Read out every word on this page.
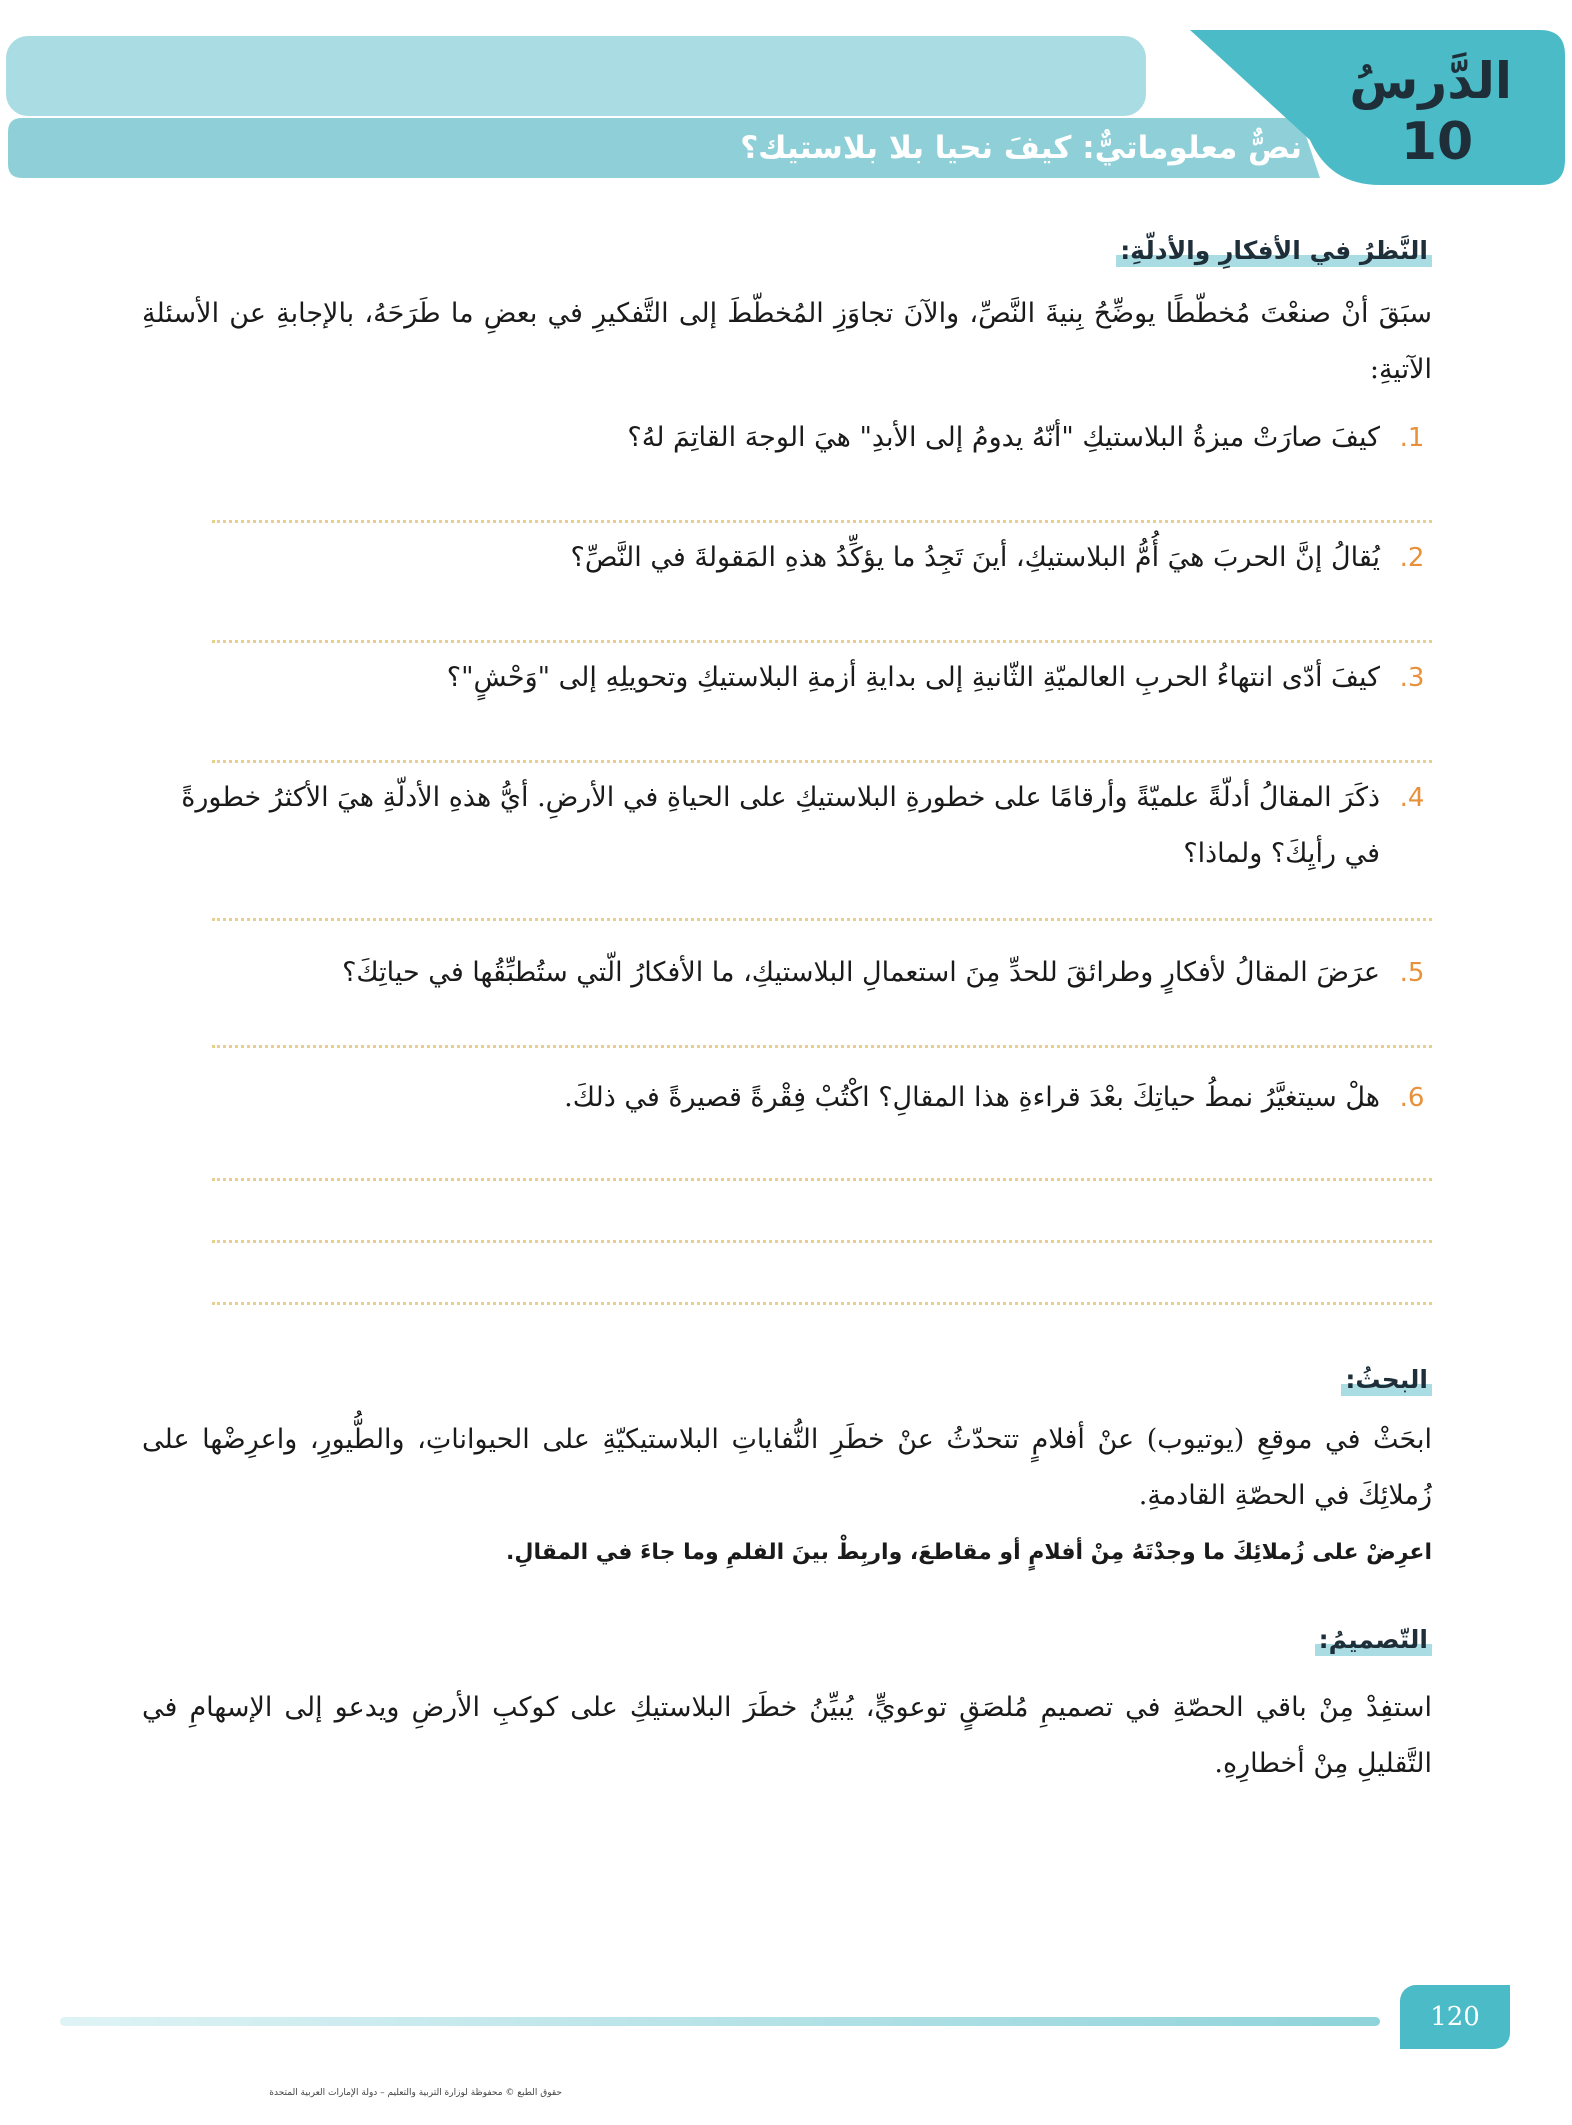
الدَّرسُ
10
نصٌّ معلوماتيٌّ: كيفَ نحيا بلا بلاستيك؟
النَّظرُ في الأفكارِ والأدلّةِ:
سبَقَ أنْ صنعْتَ مُخطّطًا يوضِّحُ بِنيةَ النَّصِّ، والآنَ تجاوَزِ المُخطّطَ إلى التَّفكيرِ في بعضِ ما طَرَحَهُ، بالإجابةِ عن الأسئلةِ الآتيةِ:
1.
كيفَ صارَتْ ميزةُ البلاستيكِ "أنّهُ يدومُ إلى الأبدِ" هيَ الوجهَ القاتِمَ لهُ؟
2.
يُقالُ إنَّ الحربَ هيَ أُمُّ البلاستيكِ، أينَ تَجِدُ ما يؤكِّدُ هذهِ المَقولةَ في النَّصِّ؟
3.
كيفَ أدّى انتهاءُ الحربِ العالميّةِ الثّانيةِ إلى بدايةِ أزمةِ البلاستيكِ وتحويلِهِ إلى "وَحْشٍ"؟
4.
ذكَرَ المقالُ أدلّةً علميّةً وأرقامًا على خطورةِ البلاستيكِ على الحياةِ في الأرضِ. أيُّ هذهِ الأدلّةِ هيَ الأكثرُ خطورةً في رأيِكَ؟ ولماذا؟
5.
عرَضَ المقالُ لأفكارٍ وطرائقَ للحدِّ مِنَ استعمالِ البلاستيكِ، ما الأفكارُ الّتي ستُطبِّقُها في حياتِكَ؟
6.
هلْ سيتغيَّرُ نمطُ حياتِكَ بعْدَ قراءةِ هذا المقالِ؟ اكْتُبْ فِقْرةً قصيرةً في ذلكَ.
البحثُ:
ابحَثْ في موقعِ (يوتيوب) عنْ أفلامٍ تتحدّثُ عنْ خطَرِ النُّفاياتِ البلاستيكيّةِ على الحيواناتِ، والطُّيورِ، واعرِضْها على زُملائِكَ في الحصّةِ القادمةِ.
اعرِضْ على زُملائِكَ ما وجدْتَهُ مِنْ أفلامٍ أو مقاطعَ، واربِطْ بينَ الفلمِ وما جاءَ في المقالِ.
التّصميمُ:
استفِدْ مِنْ باقي الحصّةِ في تصميمِ مُلصَقٍ توعويٍّ، يُبيِّنُ خطَرَ البلاستيكِ على كوكبِ الأرضِ ويدعو إلى الإسهامِ في التَّقليلِ مِنْ أخطارِهِ.
120
حقوق الطبع © محفوظة لوزارة التربية والتعليم – دولة الإمارات العربية المتحدة
